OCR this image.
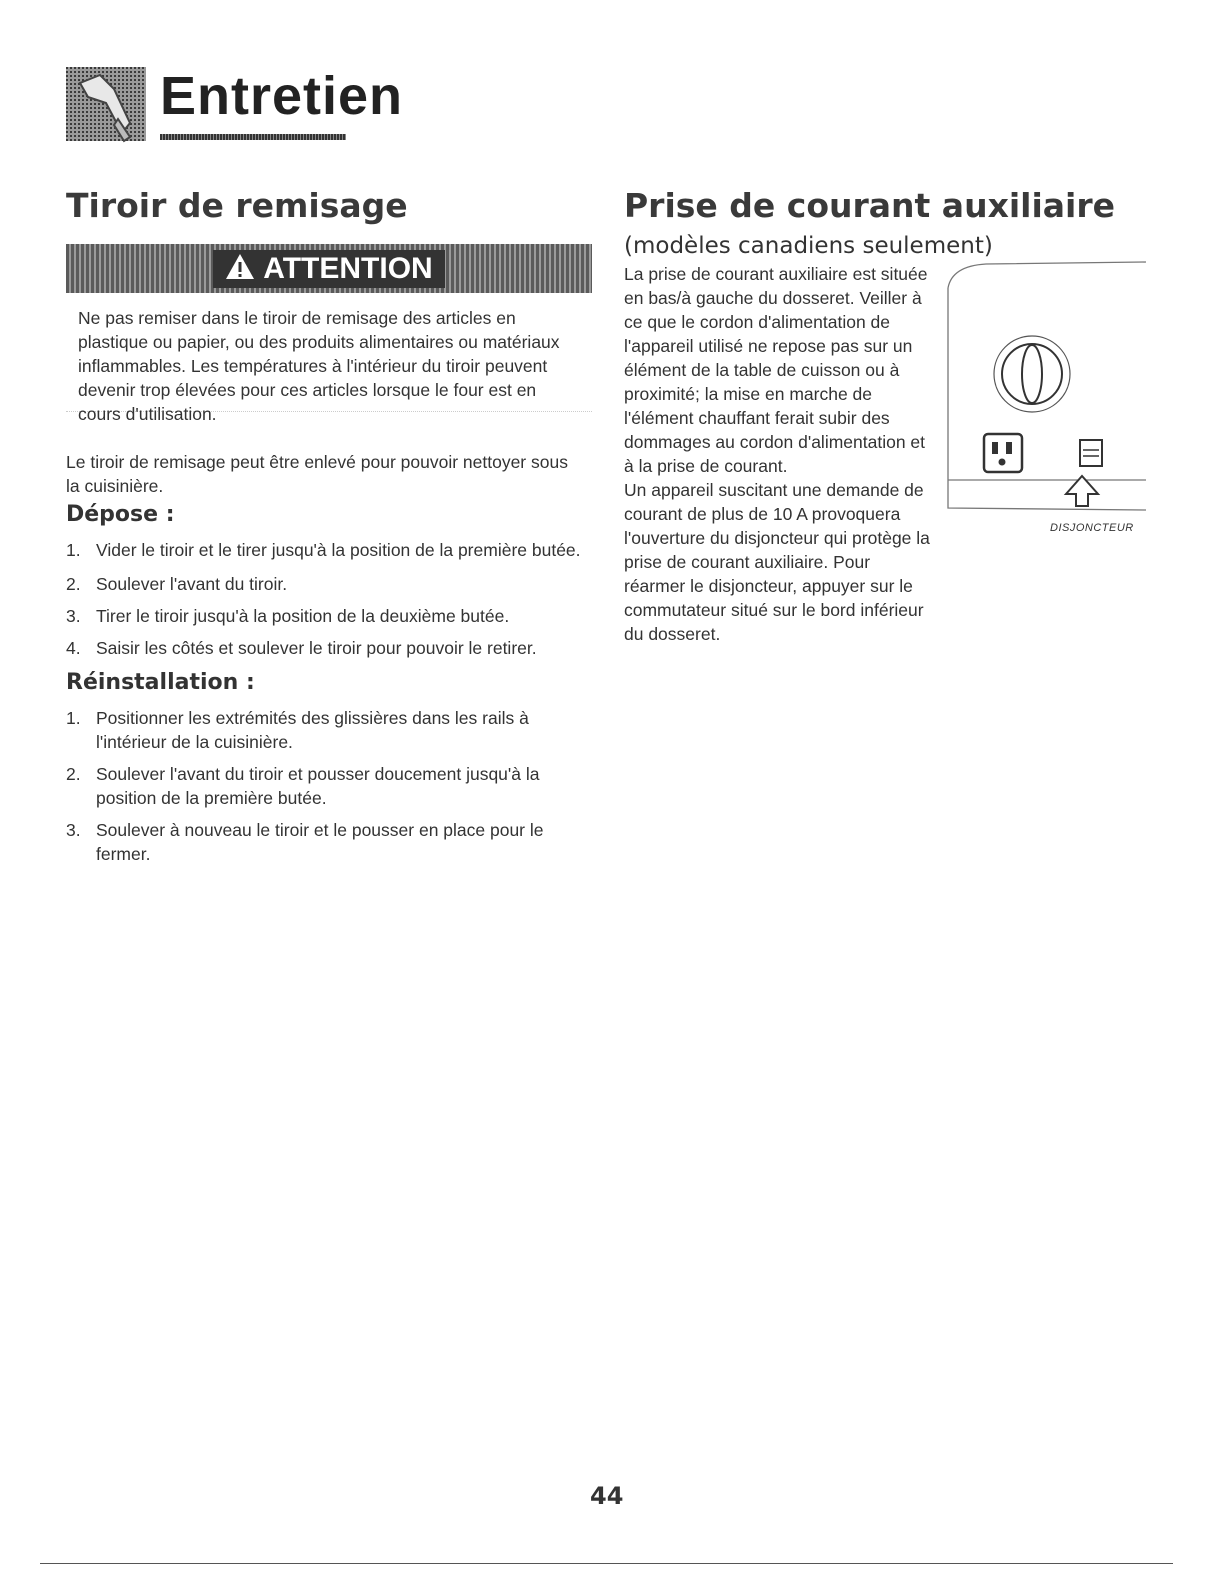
Entretien
Tiroir de remisage
ATTENTION
Ne pas remiser dans le tiroir de remisage des articles en plastique ou papier, ou des produits alimentaires ou matériaux inflammables. Les températures à l'intérieur du tiroir peuvent devenir trop élevées pour ces articles lorsque le four est en cours d'utilisation.
Le tiroir de remisage peut être enlevé pour pouvoir nettoyer sous la cuisinière.
Dépose :
1. Vider le tiroir et le tirer jusqu'à la position de la première butée.
2. Soulever l'avant du tiroir.
3. Tirer le tiroir jusqu'à la position de la deuxième butée.
4. Saisir les côtés et soulever le tiroir pour pouvoir le retirer.
Réinstallation :
1. Positionner les extrémités des glissières dans les rails à l'intérieur de la cuisinière.
2. Soulever l'avant du tiroir et pousser doucement jusqu'à la position de la première butée.
3. Soulever à nouveau le tiroir et le pousser en place pour le fermer.
Prise de courant auxiliaire
(modèles canadiens seulement)
La prise de courant auxiliaire est située en bas/à gauche du dosseret. Veiller à ce que le cordon d'alimentation de l'appareil utilisé ne repose pas sur un élément de la table de cuisson ou à proximité; la mise en marche de l'élément chauffant ferait subir des dommages au cordon d'alimentation et à la prise de courant.
Un appareil suscitant une demande de courant de plus de 10 A provoquera l'ouverture du disjoncteur qui protège la prise de courant auxiliaire. Pour réarmer le disjoncteur, appuyer sur le commutateur situé sur le bord inférieur du dosseret.
DISJONCTEUR
44
